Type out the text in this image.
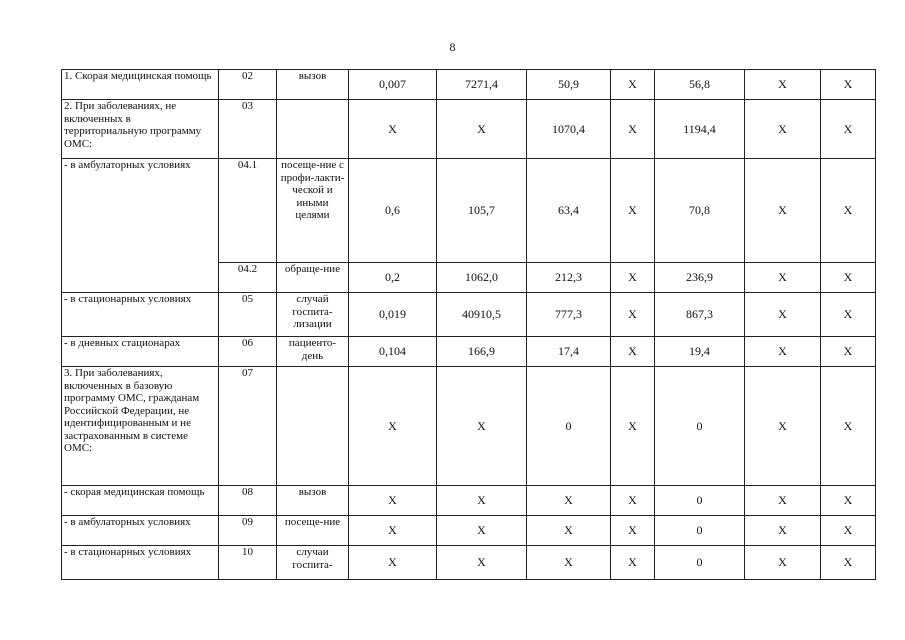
8
1. Скорая медицинская помощь	02	вызов	0,007	7271,4	50,9	X	56,8	X	X
2. При заболеваниях, не включенных в территориальную программу ОМС:	03		X	X	1070,4	X	1194,4	X	X
- в амбулаторных условиях	04.1	посеще-ние с профи-лакти-ческой и иными целями	0,6	105,7	63,4	X	70,8	X	X
	04.2	обраще-ние	0,2	1062,0	212,3	X	236,9	X	X
- в стационарных условиях	05	случай госпита-лизации	0,019	40910,5	777,3	X	867,3	X	X
- в дневных стационарах	06	пациенто-день	0,104	166,9	17,4	X	19,4	X	X
3. При заболеваниях, включенных в базовую программу ОМС, гражданам Российской Федерации, не идентифицированным и не застрахованным в системе ОМС:	07		X	X	0	X	0	X	X
- скорая медицинская помощь	08	вызов	X	X	X	X	0	X	X
- в амбулаторных условиях	09	посеще-ние	X	X	X	X	0	X	X
- в стационарных условиях	10	случаи госпита-	X	X	X	X	0	X	X
